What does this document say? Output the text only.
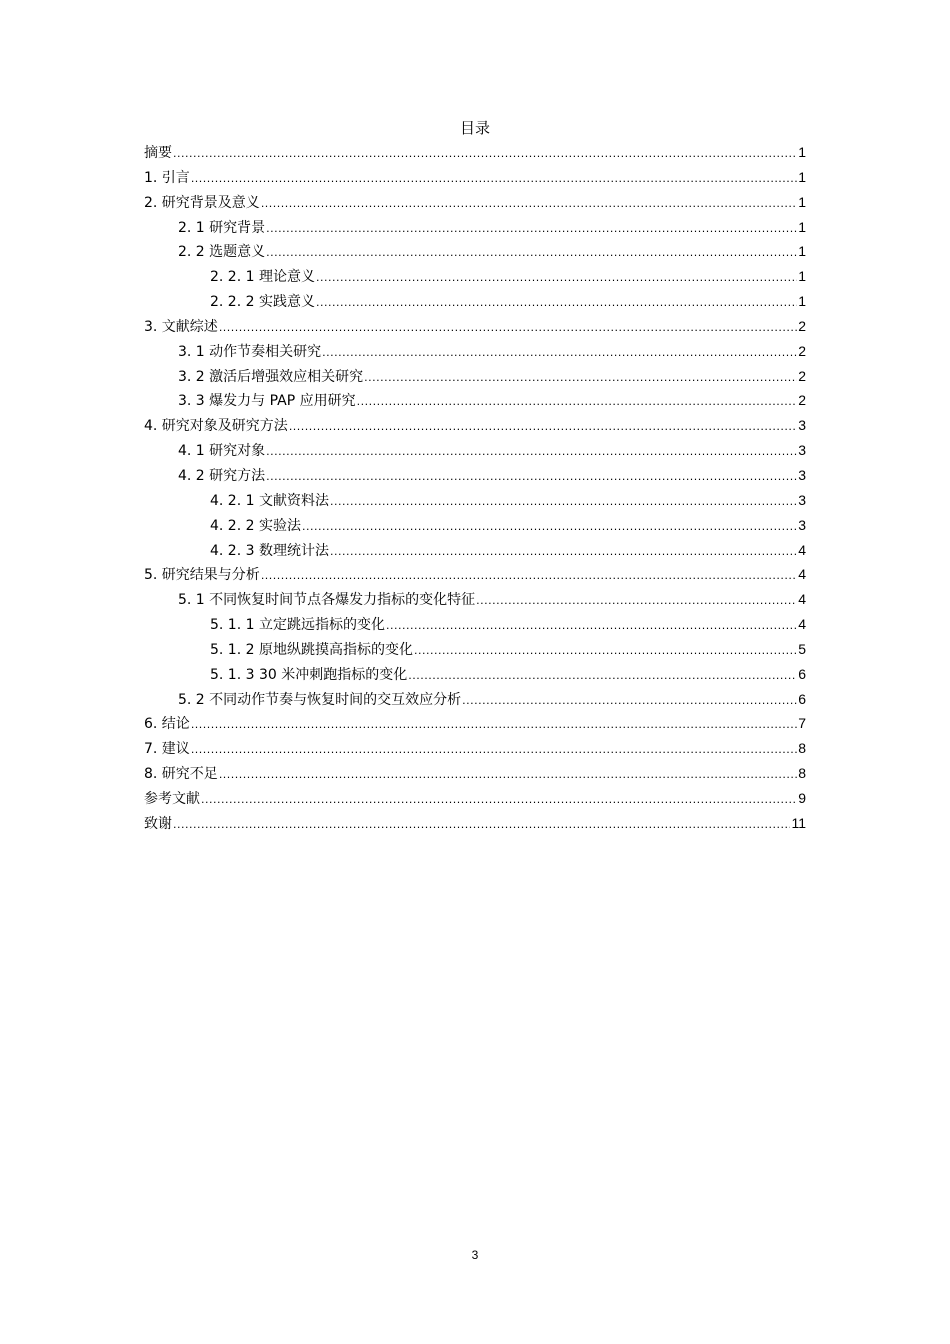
目录
摘要 .....	1
1. 引言 .....	1
2. 研究背景及意义 .....	1
2. 1 研究背景 .....	1
2. 2 选题意义 .....	1
2. 2. 1 理论意义 .....	1
2. 2. 2 实践意义 .....	1
3. 文献综述 .....	2
3. 1 动作节奏相关研究 .....	2
3. 2 激活后增强效应相关研究 .....	2
3. 3 爆发力与 PAP 应用研究 .....	2
4. 研究对象及研究方法 .....	3
4. 1 研究对象 .....	3
4. 2 研究方法 .....	3
4. 2. 1 文献资料法 .....	3
4. 2. 2 实验法 .....	3
4. 2. 3 数理统计法 .....	4
5. 研究结果与分析 .....	4
5. 1 不同恢复时间节点各爆发力指标的变化特征 .....	4
5. 1. 1 立定跳远指标的变化 .....	4
5. 1. 2 原地纵跳摸高指标的变化 .....	5
5. 1. 3 30 米冲刺跑指标的变化 .....	6
5. 2 不同动作节奏与恢复时间的交互效应分析 .....	6
6. 结论 .....	7
7. 建议 .....	8
8. 研究不足 .....	8
参考文献 .....	9
致谢 .....	11
3
